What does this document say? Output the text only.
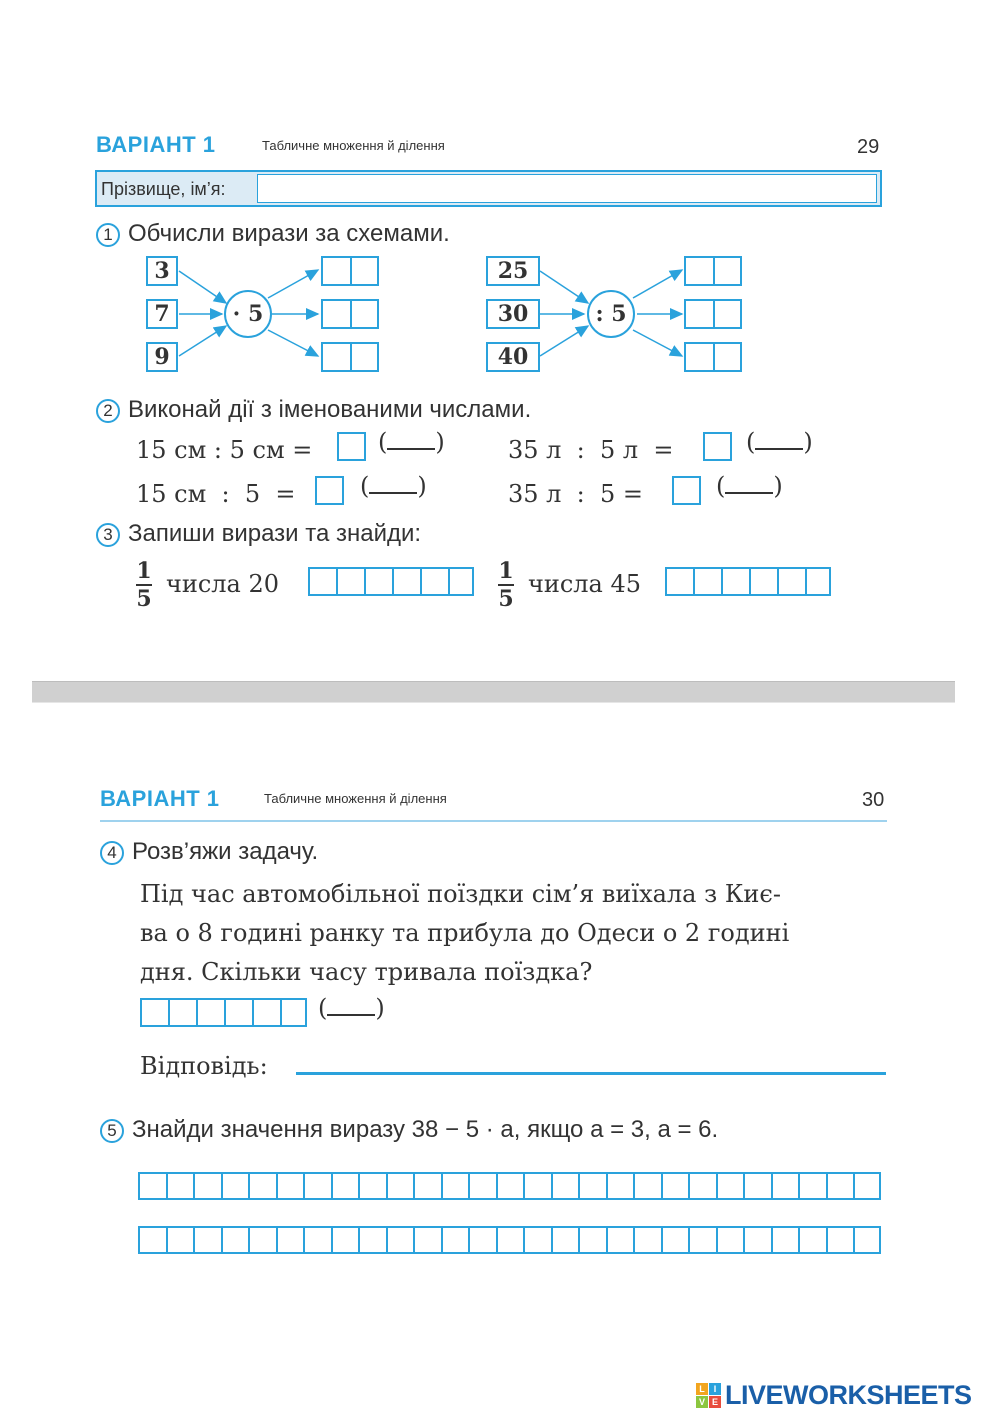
ВАРІАНТ 1	Табличне множення й ділення	29
Прізвище, ім’я:
1 Обчисли вирази за схемами.
3
7
9
· 5
25
30
40
: 5
2 Виконай дії з іменованими числами.
15 см : 5 см =	( )	35 л  :  5 л  =	( )
15 см  :  5  =	( )	35 л  :  5 =	( )
3 Запиши вирази та знайди:
1
5
числа 20	1
5
числа 45
ВАРІАНТ 1	Табличне множення й ділення	30
4 Розв’яжи задачу.
Під час автомобільної поїздки сім’я виїхала з Киє-
ва о 8 годині ранку та прибула до Одеси о 2 годині
дня. Скільки часу тривала поїздка?
( )
Відповідь:
5 Знайди значення виразу 38 − 5 · a, якщо a = 3, a = 6.
L I
V E LIVEWORKSHEETS
